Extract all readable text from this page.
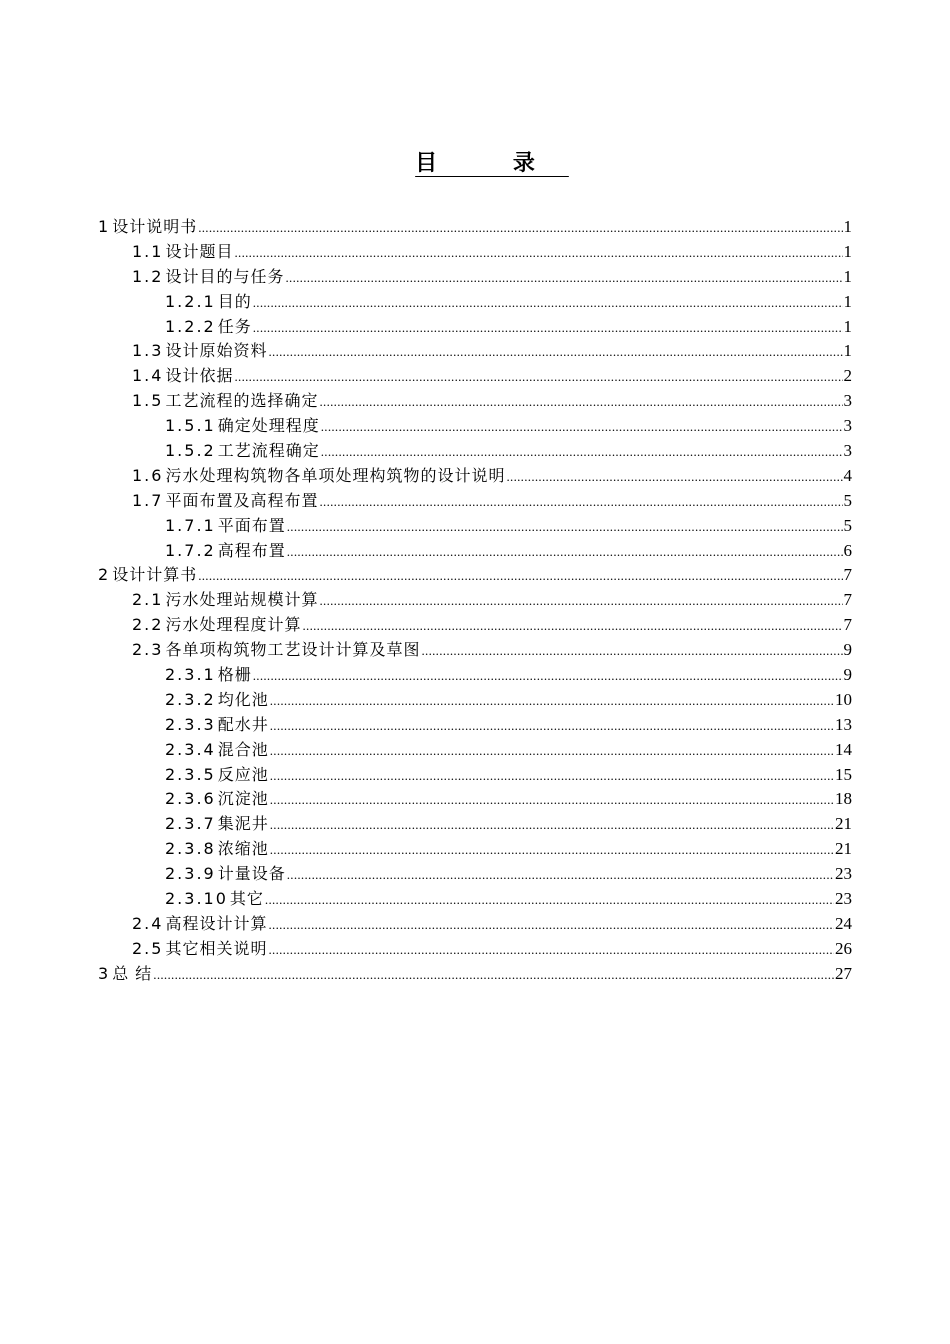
目 录
1 设计说明书 .....	1
1.1 设计题目 .....	1
1.2 设计目的与任务 .....	1
1.2.1 目的 .....	1
1.2.2 任务 .....	1
1.3 设计原始资料 .....	1
1.4 设计依据 .....	2
1.5 工艺流程的选择确定 .....	3
1.5.1 确定处理程度 .....	3
1.5.2 工艺流程确定 .....	3
1.6 污水处理构筑物各单项处理构筑物的设计说明 .....	4
1.7 平面布置及高程布置 .....	5
1.7.1 平面布置 .....	5
1.7.2 高程布置 .....	6
2 设计计算书 .....	7
2.1 污水处理站规模计算 .....	7
2.2 污水处理程度计算 .....	7
2.3 各单项构筑物工艺设计计算及草图 .....	9
2.3.1 格栅 .....	9
2.3.2 均化池 .....	10
2.3.3 配水井 .....	13
2.3.4 混合池 .....	14
2.3.5 反应池 .....	15
2.3.6 沉淀池 .....	18
2.3.7 集泥井 .....	21
2.3.8 浓缩池 .....	21
2.3.9 计量设备 .....	23
2.3.10 其它 .....	23
2.4 高程设计计算 .....	24
2.5 其它相关说明 .....	26
3 总 结 .....	27
